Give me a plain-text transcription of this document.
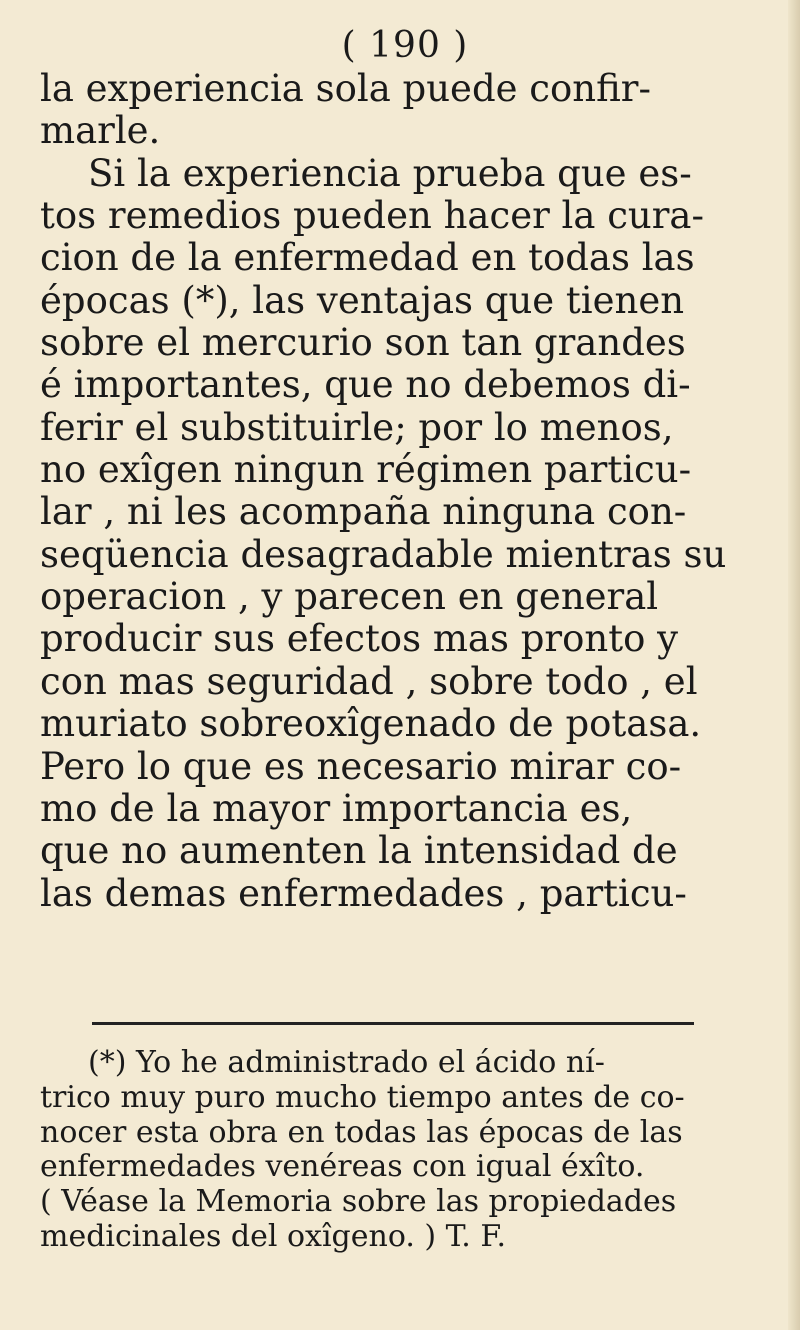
( 190 )
la experiencia sola puede confir-
marle.
Si la experiencia prueba que es-
tos remedios pueden hacer la cura-
cion de la enfermedad en todas las
épocas (*), las ventajas que tienen
sobre el mercurio son tan grandes
é importantes, que no debemos di-
ferir el substituirle; por lo menos,
no exîgen ningun régimen particu-
lar , ni les acompaña ninguna con-
seqüencia desagradable mientras su
operacion , y parecen en general
producir sus efectos mas pronto y
con mas seguridad , sobre todo , el
muriato sobreoxîgenado de potasa.
Pero lo que es necesario mirar co-
mo de la mayor importancia es,
que no aumenten la intensidad de
las demas enfermedades , particu-
(*) Yo he administrado el ácido ní-
trico muy puro mucho tiempo antes de co-
nocer esta obra en todas las épocas de las
enfermedades venéreas con igual éxîto.
( Véase la Memoria sobre las propiedades
medicinales del oxîgeno. ) T. F.
